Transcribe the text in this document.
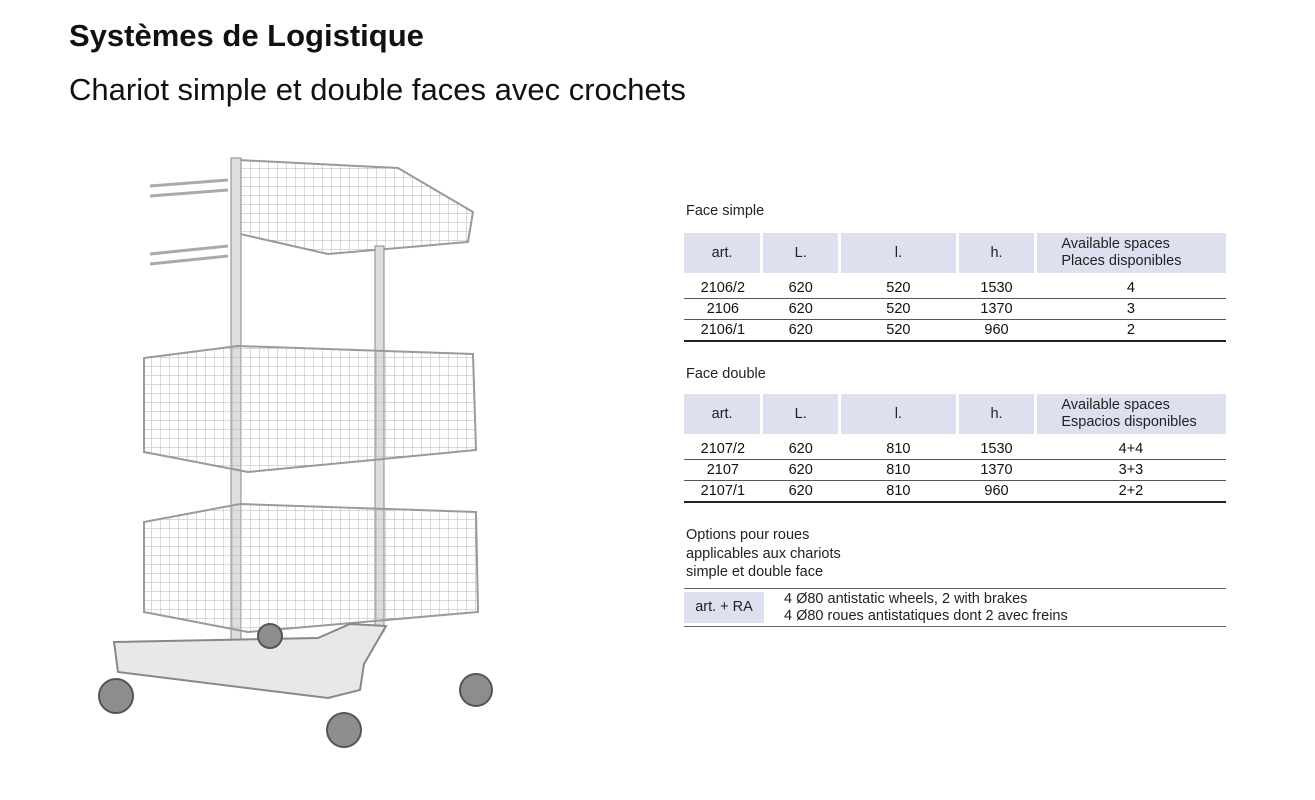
Systèmes de Logistique
Chariot simple et double faces avec crochets
Face simple
art.	L.	l.	h.	Available spaces
Places disponibles

2106/2	620	520	1530	4
2106	620	520	1370	3
2106/1	620	520	960	2
Face double
art.	L.	l.	h.	Available spaces
Espacios disponibles

2107/2	620	810	1530	4+4
2107	620	810	1370	3+3
2107/1	620	810	960	2+2
Options pour roues
applicables aux chariots
simple et double face
art. + RA	4 Ø80 antistatic wheels, 2 with brakes
4 Ø80 roues antistatiques dont 2 avec freins
